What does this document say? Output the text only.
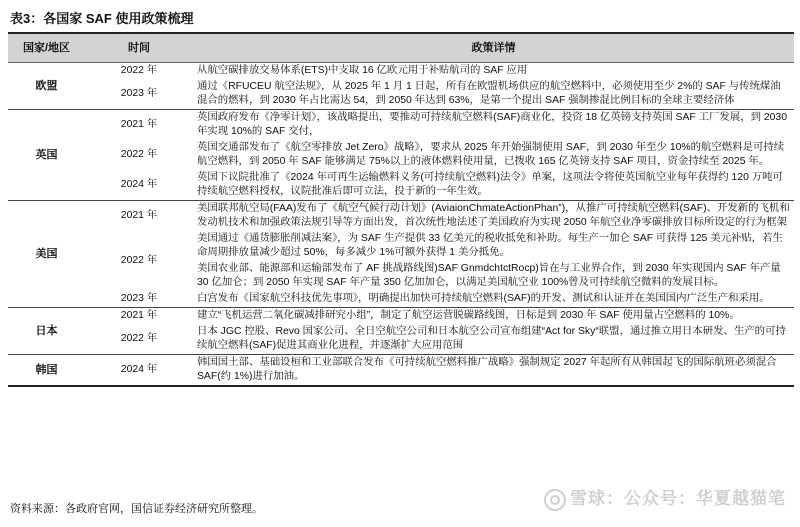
表3：各国家 SAF 使用政策梳理
国家/地区	时间	政策详情
欧盟	2022 年	从航空碳排放交易体系(ETS)中支取 16 亿欧元用于补贴航司的 SAF 应用
	2023 年	通过《RFUCEU 航空法规》，从 2025 年 1 月 1 日起，所有在欧盟机场供应的航空燃料中，必须使用至少 2%的 SAF 与传统煤油混合的燃料，到 2030 年占比需达 54，到 2050 年达到 63%，是第一个提出 SAF 强制掺混比例目标的全球主要经济体
英国	2021 年	英国政府发布《净零计划》，该战略提出，要推动可持续航空燃料(SAF)商业化，投资 18 亿英镑支持英国 SAF 工厂发展，到 2030 年实现 10%的 SAF 交付，
	2022 年	英国交通部发布了《航空零排放 Jet Zero》战略》，要求从 2025 年开始强制使用 SAF，到 2030 年至少 10%的航空燃料是可持续航空燃料，到 2050 年 SAF 能够满足 75%以上的液体燃料使用量，已拨收 165 亿英镑支持 SAF 项目，资金持续至 2025 年。
	2024 年	英国下议院批准了《2024 年可再生运输燃料义务(可持续航空燃料)法令》单案，这项法令将使英国航空业每年获得约 120 万吨可持续航空燃料授权，议院批准后即可立法，投于新的一年生效。
美国	2021 年	美国联邦航空局(FAA)发布了《航空气候行动计划》(AviaionChmateActionPhan”)，从推广可持续航空燃料(SAF)、开发新的飞机和发动机技术和加强政策法规引导等方面出发，首次统性地法述了美国政府为实现 2050 年航空业净零碳排放目标所设定的行为框架
	2022 年	美国通过《通货膨胀削减法案》，为 SAF 生产提供 33 亿美元的税收抵免和补助。每生产一加仑 SAF 可获得 125 美元补贴，若生命周期排放量减少超过 50%，每多减少 1%可额外获得 1 美分抵免。
		美国农业部、能源部和运输部发布了 AF 挑战路线图)SAF GnmdchtctRocp)旨在与工业界合作，到 2030 年实现国内 SAF 年产量 30 亿加仑；到 2050 年实现 SAF 年产量 350 亿加加仑，以满足美国航空业 100%曾及可持续航空微料的发展目标。
	2023 年	白宫发布《国家航空科技优先事项》，明确提出加快可持续航空燃料(SAF)的开发、测试和认证并在美国国内广泛生产和采用。
日本	2021 年	建立“飞机运营二氧化碳减排研究小组”，制定了航空运营脱碳路线图，日标是到 2030 年 SAF 使用量占空燃料的 10%。
	2022 年	日本 JGC 控股、Revo 国家公司、全日空航空公司和日本航空公司宣布组建“Act for Sky“联盟，通过推立用日本研发、生产的可持续航空燃料(SAF)促进其商业化进程，并逐渐扩大应用范围
韩国	2024 年	韩国国土部、基础设桓和工业部联合发布《可持续航空燃料推广战略》强制规定 2027 年起所有从韩国起飞的国际航班必须混合 SAF(约 1%)进行加油。
资料来源：各政府官网，国信证券经济研究所整理。
雪球：公众号：华夏越猫笔
